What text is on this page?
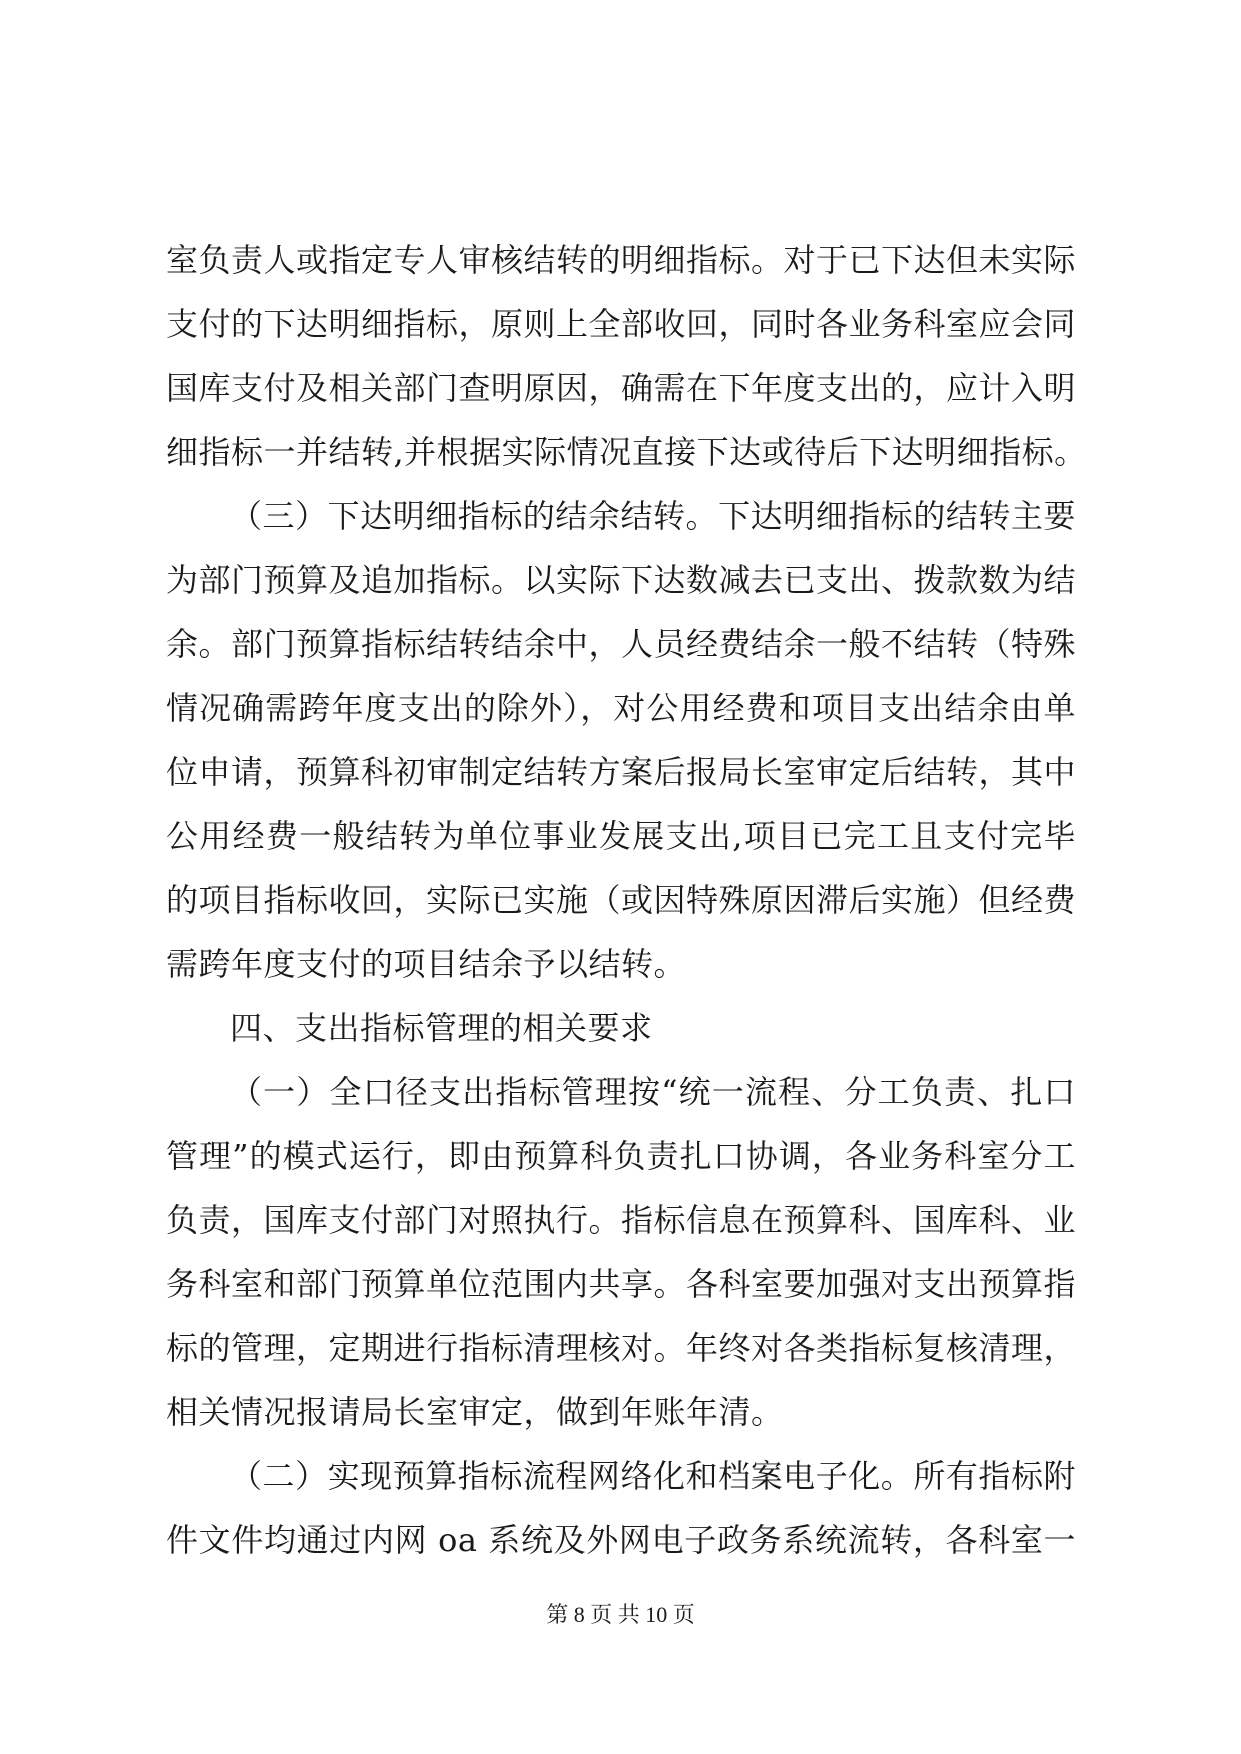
室负责人或指定专人审核结转的明细指标。对于已下达但未实际
支付的下达明细指标，原则上全部收回，同时各业务科室应会同
国库支付及相关部门查明原因，确需在下年度支出的，应计入明
细指标一并结转,并根据实际情况直接下达或待后下达明细指标。
（三）下达明细指标的结余结转。下达明细指标的结转主要
为部门预算及追加指标。以实际下达数减去已支出、拨款数为结
余。部门预算指标结转结余中，人员经费结余一般不结转（特殊
情况确需跨年度支出的除外），对公用经费和项目支出结余由单
位申请，预算科初审制定结转方案后报局长室审定后结转，其中
公用经费一般结转为单位事业发展支出,项目已完工且支付完毕
的项目指标收回，实际已实施（或因特殊原因滞后实施）但经费
需跨年度支付的项目结余予以结转。
四、支出指标管理的相关要求
（一）全口径支出指标管理按“统一流程、分工负责、扎口
管理”的模式运行，即由预算科负责扎口协调，各业务科室分工
负责，国库支付部门对照执行。指标信息在预算科、国库科、业
务科室和部门预算单位范围内共享。各科室要加强对支出预算指
标的管理，定期进行指标清理核对。年终对各类指标复核清理，
相关情况报请局长室审定，做到年账年清。
（二）实现预算指标流程网络化和档案电子化。所有指标附
件文件均通过内网 oa 系统及外网电子政务系统流转，各科室一
第 8 页 共 10 页
